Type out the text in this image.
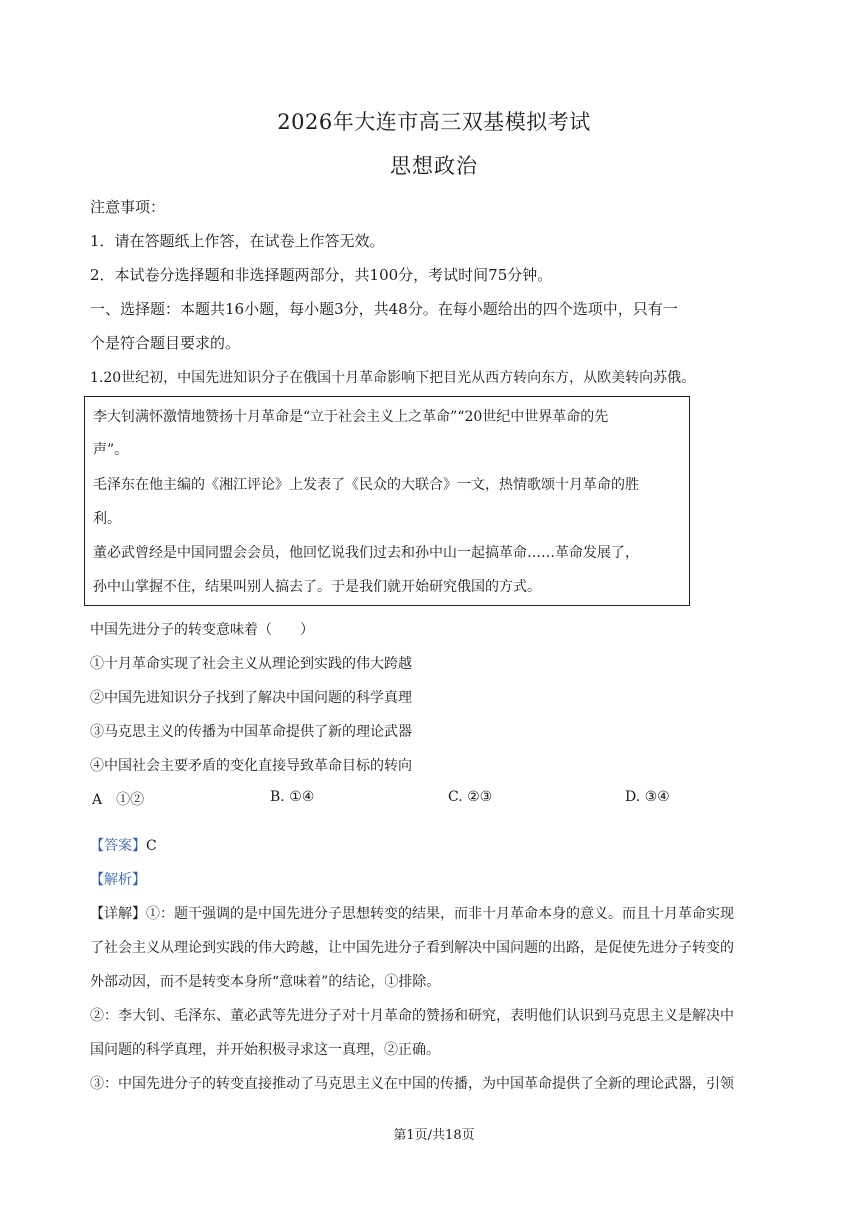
2026年大连市高三双基模拟考试
思想政治
注意事项：
1．请在答题纸上作答，在试卷上作答无效。
2．本试卷分选择题和非选择题两部分，共100分，考试时间75分钟。
一、选择题：本题共16小题，每小题3分，共48分。在每小题给出的四个选项中，只有一
个是符合题目要求的。
1.20世纪初，中国先进知识分子在俄国十月革命影响下把目光从西方转向东方，从欧美转向苏俄。
李大钊满怀激情地赞扬十月革命是“立于社会主义上之革命”“20世纪中世界革命的先
声”。
毛泽东在他主编的《湘江评论》上发表了《民众的大联合》一文，热情歌颂十月革命的胜
利。
董必武曾经是中国同盟会会员，他回忆说我们过去和孙中山一起搞革命……革命发展了，
孙中山掌握不住，结果叫别人搞去了。于是我们就开始研究俄国的方式。
中国先进分子的转变意味着（　　）
①十月革命实现了社会主义从理论到实践的伟大跨越
②中国先进知识分子找到了解决中国问题的科学真理
③马克思主义的传播为中国革命提供了新的理论武器
④中国社会主要矛盾的变化直接导致革命目标的转向
A　①②	B. ①④	C. ②③	D. ③④
【答案】C
【解析】
【详解】①：题干强调的是中国先进分子思想转变的结果，而非十月革命本身的意义。而且十月革命实现
了社会主义从理论到实践的伟大跨越，让中国先进分子看到解决中国问题的出路，是促使先进分子转变的
外部动因，而不是转变本身所“意味着”的结论，①排除。
②：李大钊、毛泽东、董必武等先进分子对十月革命的赞扬和研究，表明他们认识到马克思主义是解决中
国问题的科学真理，并开始积极寻求这一真理，②正确。
③：中国先进分子的转变直接推动了马克思主义在中国的传播，为中国革命提供了全新的理论武器，引领
第1页/共18页
